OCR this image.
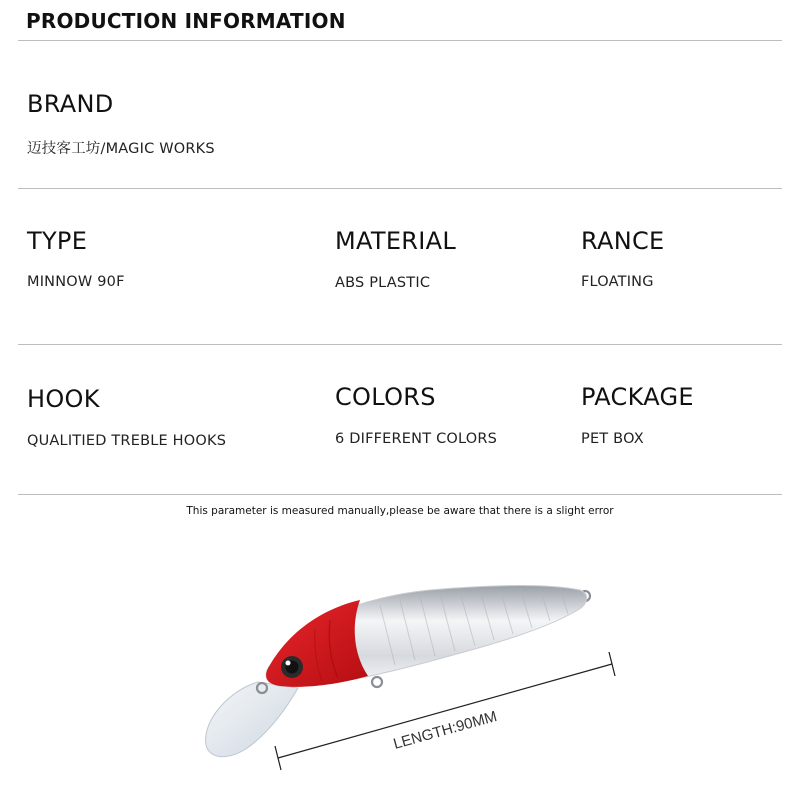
PRODUCTION INFORMATION
BRAND
迈技客工坊/MAGIC WORKS
TYPE
MINNOW 90F
MATERIAL
ABS PLASTIC
RANCE
FLOATING
HOOK
QUALITIED TREBLE HOOKS
COLORS
6 DIFFERENT COLORS
PACKAGE
PET BOX
This parameter is measured manually,please be aware that there is a slight error
LENGTH:90MM
